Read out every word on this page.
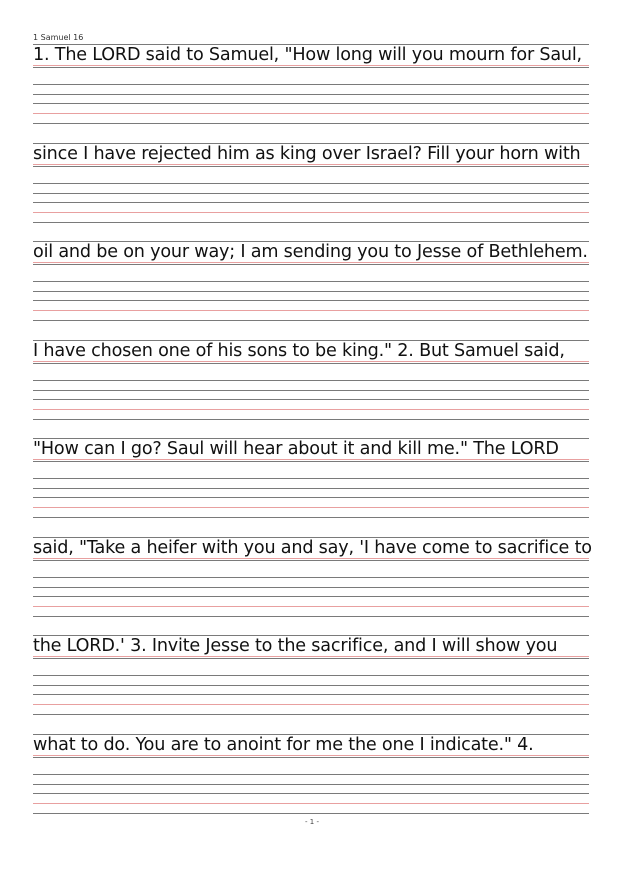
1 Samuel 16
1. The LORD said to Samuel, "How long will you mourn for Saul,
since I have rejected him as king over Israel? Fill your horn with
oil and be on your way; I am sending you to Jesse of Bethlehem.
I have chosen one of his sons to be king." 2. But Samuel said,
"How can I go? Saul will hear about it and kill me." The LORD
said, "Take a heifer with you and say, 'I have come to sacrifice to
the LORD.' 3. Invite Jesse to the sacrifice, and I will show you
what to do. You are to anoint for me the one I indicate." 4.
- 1 -
